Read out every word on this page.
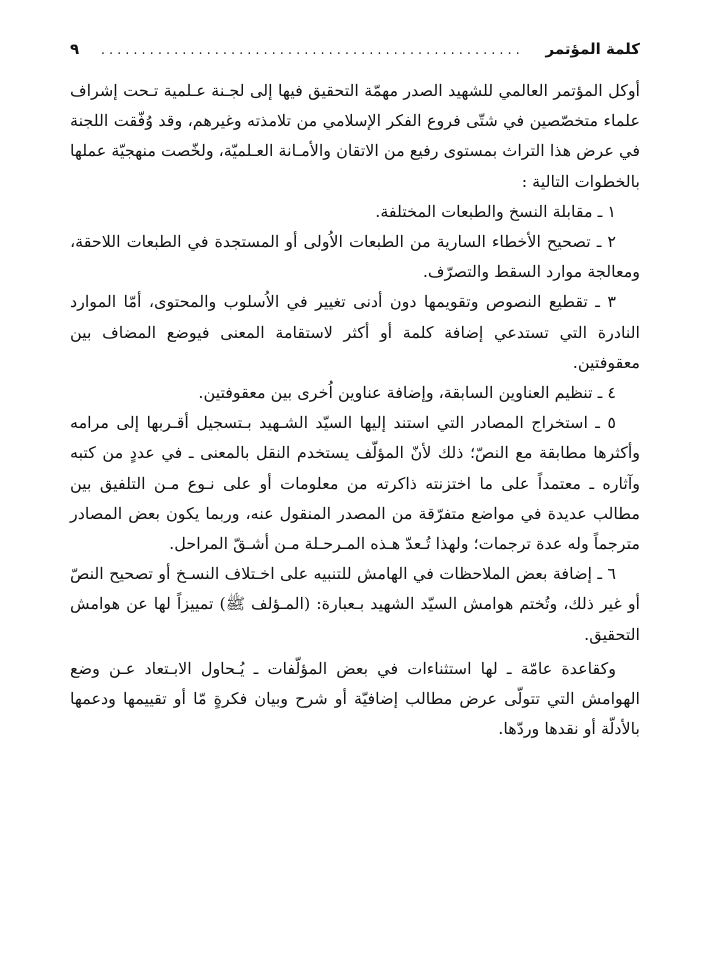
كلمة المؤتمر
....................................................
٩

أوكل المؤتمر العالمي للشهيد الصدر مهمّة التحقيق فيها إلى لجـنة عـلمية تـحت إشراف علماء متخصّصين في شتّى فروع الفكر الإسلامي من تلامذته وغيرهم، وقد وُفّقت اللجنة في عرض هذا التراث بمستوى رفيع من الاتقان والأمـانة العـلميّة، ولخّصت منهجيّة عملها بالخطوات التالية :

١ ـ مقابلة النسخ والطبعات المختلفة.

٢ ـ تصحيح الأخطاء السارية من الطبعات الاُولى أو المستجدة في الطبعات اللاحقة، ومعالجة موارد السقط والتصرّف.

٣ ـ تقطيع النصوص وتقويمها دون أدنى تغيير في الاُسلوب والمحتوى، أمّا الموارد النادرة التي تستدعي إضافة كلمة أو أكثر لاستقامة المعنى فيوضع المضاف بين معقوفتين.

٤ ـ تنظيم العناوين السابقة، وإضافة عناوين اُخرى بين معقوفتين.

٥ ـ استخراج المصادر التي استند إليها السيّد الشـهيد بـتسجيل أقـربها إلى مرامه وأكثرها مطابقة مع النصّ؛ ذلك لأنّ المؤلّف يستخدم النقل بالمعنى ـ في عددٍ من كتبه وآثاره ـ معتمداً على ما اختزنته ذاكرته من معلومات أو على نـوع مـن التلفيق بين مطالب عديدة في مواضع متفرّقة من المصدر المنقول عنه، وربما يكون بعض المصادر مترجماً وله عدة ترجمات؛ ولهذا تُـعدّ هـذه المـرحـلة مـن أشـقّ المراحل.

٦ ـ إضافة بعض الملاحظات في الهامش للتنبيه على اخـتلاف النسـخ أو تصحيح النصّ أو غير ذلك، وتُختم هوامش السيّد الشهيد بـعبارة: (المـؤلف ﷺ) تمييزاً لها عن هوامش التحقيق.

وكقاعدة عامّة ـ لها استثناءات في بعض المؤلّفات ـ يُـحاول الابـتعاد عـن وضع الهوامش التي تتولّى عرض مطالب إضافيّة أو شرح وبيان فكرةٍ مّا أو تقييمها ودعمها بالأدلّة أو نقدها وردّها.
